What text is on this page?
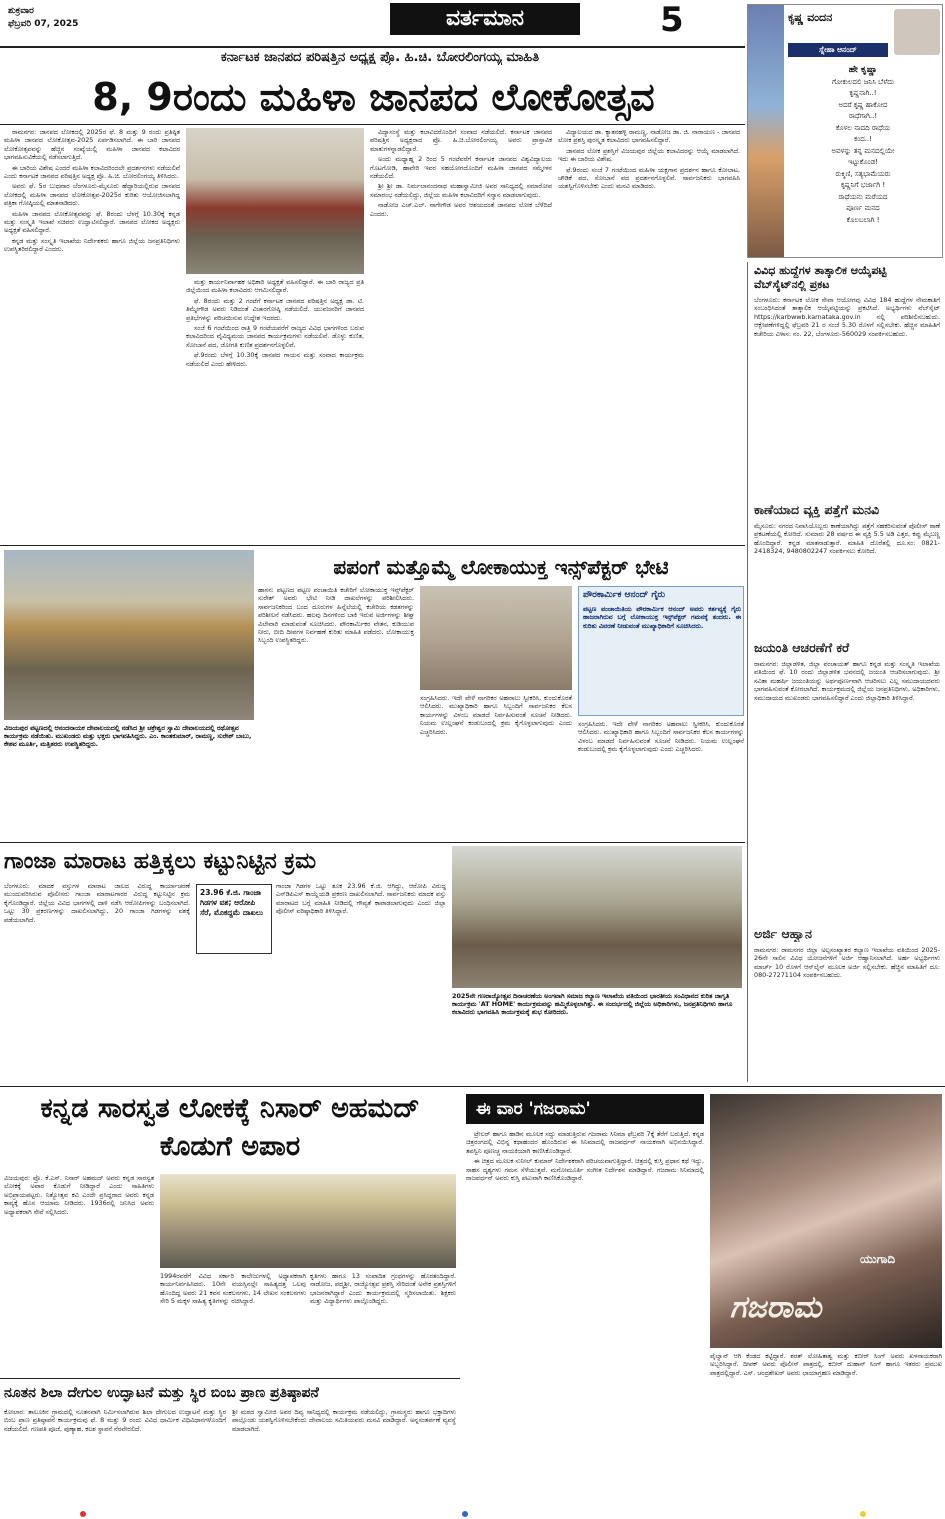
ಶುಕ್ರವಾರ
ಫೆಬ್ರವರಿ 07, 2025	ವರ್ತಮಾನ	5	ಕೃಷ್ಣ ವಂದನ
ಸ್ನೇಹಾ ಆನಂದ್
ಹೇ ಕೃಷ್ಣಾ
ಗೋಕುಲದಲಿ ಜನಿಸಿ ಬೆಳೆದು
ಕೃಷ್ಣನಾಗಿ..!
ಅದರೆ ಕೃಷ್ಣ ಹಾಕೋದ
ರಾಧೆಗಾಗಿ..!
ಕೊಳಲ ನಾದದಿ ರಾಧೆಯ
ಕಂದ..!
ಅವಳನ್ನು ತನ್ನ ಮನದಲ್ಲಿಯೇ
ಇಟ್ಟುಕೊಂಡ!
ರುಕ್ಮಿಣಿ, ಸತ್ಯಭಾಮೆಯರು
ಕೃಷ್ಣನಿಗೆ ಭರ್ಜಾಗಿ !
ರಾಧೆಯನು ಮರೆಯದ
ಪೂರ್ಣ ಮನದ
ಕೊಲಬಲಾಗಿ !
ಕರ್ನಾಟಕ ಜಾನಪದ ಪರಿಷತ್ತಿನ ಅಧ್ಯಕ್ಷ ಪ್ರೊ. ಹಿ.ಚಿ. ಬೋರಲಿಂಗಯ್ಯ ಮಾಹಿತಿ
8, 9ರಂದು ಮಹಿಳಾ ಜಾನಪದ ಲೋಕೋತ್ಸವ

ರಾಮನಗರ: ಜಾನಪದ ಲೋಕದಲ್ಲಿ 2025ರ ಫೆ. 8 ಮತ್ತು 9 ರಂದು ಪ್ರತಿಷ್ಠಿತ ಮಹಿಳಾ ಜಾನಪದ ಲೋಕೋತ್ಸವ-2025 ಏರ್ಪಡಿಸಲಾಗಿದೆ. ಈ ಬಾರಿ ಜಾನಪದ ಲೋಕೋತ್ಸವವನ್ನು ಹೆಚ್ಚಿನ ಸಂಖ್ಯೆಯಲ್ಲಿ ಮಹಿಳಾ ಜಾನಪದ ಕಲಾವಿದರ ಭಾಗವಹಿಸುವಿಕೆಯಲ್ಲಿ ನಡೆಸಲಾಗುತ್ತಿದೆ.

ಈ ಬಾರಿಯ ವಿಶೇಷ ಎಂದರೆ ಮಹಿಳಾ ಕಲಾವಿದರಿಂದಲೇ ಪ್ರದರ್ಶನಗಳು ನಡೆಯಲಿವೆ ಎಂದು ಕರ್ನಾಟಕ ಜಾನಪದ ಪರಿಷತ್ತಿನ ಅಧ್ಯಕ್ಷ ಪ್ರೊ. ಹಿ.ಚಿ. ಬೋರಲಿಂಗಯ್ಯ ತಿಳಿಸಿದರು.

ಅವರು ಫೆ. 5ರ ಬುಧವಾರ ಬೆಂಗಳೂರು-ಮೈಸೂರು ಹೆದ್ದಾರಿಯಲ್ಲಿರುವ ಜಾನಪದ ಲೋಕದಲ್ಲಿ ಮಹಿಳಾ ಜಾನಪದ ಲೋಕೋತ್ಸವ-2025ರ ಕುರಿತು ಆಯೋಜಿಸಲಾಗಿದ್ದ ಪತ್ರಿಕಾ ಗೋಷ್ಠಿಯಲ್ಲಿ ಮಾತನಾಡಿದರು.

ಮಹಿಳಾ ಜಾನಪದ ಲೋಕೋತ್ಸವವನ್ನು ಫೆ. 8ರಂದು ಬೆಳಗ್ಗೆ 10.30ಕ್ಕೆ ಕನ್ನಡ ಮತ್ತು ಸಂಸ್ಕೃತಿ ಇಲಾಖೆ ಸಚಿವರು ಉದ್ಘಾಟಿಸಲಿದ್ದಾರೆ. ಜಾನಪದ ಲೋಕದ ಅಧ್ಯಕ್ಷರು ಅಧ್ಯಕ್ಷತೆ ವಹಿಸಲಿದ್ದಾರೆ.

ಕನ್ನಡ ಮತ್ತು ಸಂಸ್ಕೃತಿ ಇಲಾಖೆಯ ನಿರ್ದೇಶಕರು ಹಾಗೂ ಜಿಲ್ಲೆಯ ಜನಪ್ರತಿನಿಧಿಗಳು ಉಪಸ್ಥಿತರಿರಲಿದ್ದಾರೆ ಎಂದರು.

ಮತ್ತು ಕಾರ್ಯನಿರ್ವಾಹಕ ಅಧಿಕಾರಿ ಅಧ್ಯಕ್ಷತೆ ವಹಿಸಲಿದ್ದಾರೆ. ಈ ಬಾರಿ ರಾಜ್ಯದ ಪ್ರತಿ ಜಿಲ್ಲೆಯಿಂದ ಮಹಿಳಾ ಕಲಾವಿದರು ಆಗಮಿಸಲಿದ್ದಾರೆ.

ಫೆ. 8ರಂದು ಮತ್ತು 2 ಗಂಟೆಗೆ ಕರ್ನಾಟಕ ಜಾನಪದ ಪರಿಷತ್ತಿನ ಅಧ್ಯಕ್ಷ ಡಾ. ಟಿ. ತಿಮ್ಮೇಗೌಡ ಅವರು ನಿಡಿದಂತೆ ವಿಚಾರಗೋಷ್ಠಿ ನಡೆಯಲಿದೆ. ಯುವಜನರಿಗೆ ಜಾನಪದ ಪ್ರತಿಭೆಗಳನ್ನು ಪರಿಚಯಿಸುವ ಉದ್ದೇಶ ಇದರದು.

ಸಂಜೆ 6 ಗಂಟೆಯಿಂದ ರಾತ್ರಿ 9 ಗಂಟೆಯವರೆಗೆ ರಾಜ್ಯದ ವಿವಿಧ ಭಾಗಗಳಿಂದ ಬರುವ ಕಲಾವಿದರಿಂದ ವೈವಿಧ್ಯಮಯ ಜಾನಪದ ಕಾರ್ಯಕ್ರಮಗಳು ನಡೆಯಲಿವೆ. ಡೊಳ್ಳು ಕುಣಿತ, ಸೋಬಾನೆ ಪದ, ಜೋಗತಿ ಕುಣಿತ ಪ್ರದರ್ಶನಗೊಳ್ಳಲಿವೆ.

ಫೆ.9ರಂದು ಬೆಳಗ್ಗೆ 10.30ಕ್ಕೆ ಜಾನಪದ ಗಾಯನ ಮತ್ತು ಸಂವಾದ ಕಾರ್ಯಕ್ರಮ ನಡೆಯಲಿದೆ ಎಂದು ಹೇಳಿದರು.

ವಿದ್ಯಾಸಂಸ್ಥೆ ಮತ್ತು ಕಲಾವಿದರೊಂದಿಗೆ ಸಂವಾದ ನಡೆಯಲಿದೆ. ಕರ್ನಾಟಕ ಜಾನಪದ ಪರಿಷತ್ತಿನ ಅಧ್ಯಕ್ಷರಾದ ಪ್ರೊ. ಹಿ.ಚಿ.ಬೋರಲಿಂಗಯ್ಯ ಅವರು ಪ್ರಾಸ್ತಾವಿಕ ಮಾತುಗಳನ್ನಾಡಲಿದ್ದಾರೆ.

ಅಂದು ಮಧ್ಯಾಹ್ನ 2 ರಿಂದ 5 ಗಂಟೆವರೆಗೆ ಕರ್ನಾಟಕ ಜಾನಪದ ವಿಶ್ವವಿದ್ಯಾಲಯ ಗೊಟಗೋಡಿ, ಹಾವೇರಿ ಇವರ ಸಹಯೋಗದೊಂದಿಗೆ ಮಹಿಳಾ ಜಾನಪದ ಸಮ್ಮೇಳನ ನಡೆಯಲಿದೆ.

ಶ್ರೀ ಶ್ರೀ ಡಾ. ನಿರ್ಮಲಾನಂದನಾಥ ಮಹಾಸ್ವಾಮೀಜಿ ಅವರ ಸಾನಿಧ್ಯದಲ್ಲಿ ಸಮಾರೋಪ ಸಮಾರಂಭ ನಡೆಯಲಿದ್ದು, ಜಿಲ್ಲೆಯ ಮಹಿಳಾ ಕಲಾವಿದರಿಗೆ ಸನ್ಮಾನ ಮಾಡಲಾಗುವುದು.

ನಾಡೋಜ ಎಚ್.ಎಲ್. ನಾಗೇಗೌಡ ಅವರ ಆಶಯದಂತೆ ಜಾನಪದ ಲೋಕ ಬೆಳೆದಿದೆ ಎಂದರು.

ವಿದ್ಯಾಲಯದ ಡಾ. ಕ್ಯಾತನಹಳ್ಳಿ ರಾಮಣ್ಣ, ನಾಡೋಜ ಡಾ. ಜಿ. ನಾರಾಯಣ - ಜಾನಪದ ಲೋಕ ಪ್ರಶಸ್ತಿ ಪುರಸ್ಕೃತ ಕಲಾವಿದರು ಭಾಗವಹಿಸಲಿದ್ದಾರೆ.

ಜಾನಪದ ಲೋಕ ಪ್ರಶಸ್ತಿಗೆ ವಿಜಯಪುರ ಜಿಲ್ಲೆಯ ಕಲಾವಿದರನ್ನು ಆಯ್ಕೆ ಮಾಡಲಾಗಿದೆ. ಇದು ಈ ಬಾರಿಯ ವಿಶೇಷ.

ಫೆ.9ರಂದು ಸಂಜೆ 7 ಗಂಟೆಯಿಂದ ಮಹಿಳಾ ಯಕ್ಷಗಾನ ಪ್ರದರ್ಶನ ಹಾಗೂ ಕೋಲಾಟ, ಚೌಡಿಕೆ ಪದ, ಸೋಬಾನೆ ಪದ ಪ್ರದರ್ಶನಗೊಳ್ಳಲಿವೆ. ಸಾರ್ವಜನಿಕರು ಭಾಗವಹಿಸಿ ಯಶಸ್ವಿಗೊಳಿಸಬೇಕು ಎಂದು ಮನವಿ ಮಾಡಿದರು.

ವಿವಿಧ ಹುದ್ದೆಗಳ ತಾತ್ಕಾಲಿಕ ಆಯ್ಕೆಪಟ್ಟಿ ವೆಬ್‌ಸೈಟ್‌ನಲ್ಲಿ ಪ್ರಕಟ
ಬೆಂಗಳೂರು: ಕರ್ನಾಟಕ ಲೋಕ ಸೇವಾ ಆಯೋಗವು ವಿವಿಧ 184 ಹುದ್ದೆಗಳ ನೇಮಕಾತಿಗೆ ಸಂಬಂಧಿಸಿದಂತೆ ತಾತ್ಕಾಲಿಕ ಆಯ್ಕೆಪಟ್ಟಿಯನ್ನು ಪ್ರಕಟಿಸಿದೆ. ಅಭ್ಯರ್ಥಿಗಳು ವೆಬ್‌ಸೈಟ್ https://karbwwb.karnataka.gov.in ನಲ್ಲಿ ಪರಿಶೀಲಿಸಬಹುದು. ಆಕ್ಷೇಪಣೆಗಳಿದ್ದಲ್ಲಿ ಫೆಬ್ರವರಿ 21 ರ ಸಂಜೆ 5.30 ರೊಳಗೆ ಸಲ್ಲಿಸಬೇಕು. ಹೆಚ್ಚಿನ ಮಾಹಿತಿಗೆ ಕಚೇರಿಯ ವಿಳಾಸ: ನಂ. 22, ಬೆಂಗಳೂರು-560029 ಸಂಪರ್ಕಿಸಬಹುದು.
ಕಾಣೆಯಾದ ವ್ಯಕ್ತಿ ಪತ್ತೆಗೆ ಮನವಿ
ಮೈಸೂರು: ನಗರದ ನಿವಾಸಿಯೊಬ್ಬರು ಕಾಣೆಯಾಗಿದ್ದು ಪತ್ತೆಗೆ ಸಹಕರಿಸುವಂತೆ ಪೊಲೀಸ್ ಠಾಣೆ ಪ್ರಕಟಣೆಯಲ್ಲಿ ಕೋರಿದೆ. ಸುಮಾರು 28 ವರ್ಷದ ಈ ವ್ಯಕ್ತಿ 5.5 ಅಡಿ ಎತ್ತರ, ಕಪ್ಪು ಮೈಬಣ್ಣ ಹೊಂದಿದ್ದಾರೆ. ಕನ್ನಡ ಮಾತನಾಡುತ್ತಾರೆ. ಮಾಹಿತಿ ದೊರೆತಲ್ಲಿ ದೂ.ಸಂ: 0821-2418324, 9480802247 ಸಂಪರ್ಕಿಸಲು ಕೋರಿದೆ.
ಜಯಂತಿ ಆಚರಣೆಗೆ ಕರೆ
ರಾಮನಗರ: ಜಿಲ್ಲಾಡಳಿತ, ಜಿಲ್ಲಾ ಪಂಚಾಯತ್ ಹಾಗೂ ಕನ್ನಡ ಮತ್ತು ಸಂಸ್ಕೃತಿ ಇಲಾಖೆಯ ವತಿಯಿಂದ ಫೆ. 10 ರಂದು ಜಿಲ್ಲಾಡಳಿತ ಭವನದಲ್ಲಿ ಜಯಂತಿ ಆಚರಿಸಲಾಗುವುದು. ಶ್ರೀ ಸವಿತಾ ಮಹರ್ಷಿ ಜಯಂತಿಯನ್ನು ಅರ್ಥಪೂರ್ಣವಾಗಿ ಆಚರಿಸಲು ಎಲ್ಲ ಸಮುದಾಯದವರು ಭಾಗವಹಿಸುವಂತೆ ಕೋರಲಾಗಿದೆ. ಕಾರ್ಯಕ್ರಮದಲ್ಲಿ ಜಿಲ್ಲೆಯ ಜನಪ್ರತಿನಿಧಿಗಳು, ಅಧಿಕಾರಿಗಳು, ಸಮುದಾಯದ ಮುಖಂಡರು ಭಾಗವಹಿಸಲಿದ್ದಾರೆ ಎಂದು ಜಿಲ್ಲಾಧಿಕಾರಿ ತಿಳಿಸಿದ್ದಾರೆ.
ಅರ್ಜಿ ಆಹ್ವಾನ
ರಾಮನಗರ: ರಾಮನಗರ ಜಿಲ್ಲಾ ಅಲ್ಪಸಂಖ್ಯಾತರ ಕಲ್ಯಾಣ ಇಲಾಖೆಯ ವತಿಯಿಂದ 2025-26ನೇ ಸಾಲಿನ ವಿವಿಧ ಯೋಜನೆಗಳಿಗೆ ಅರ್ಜಿ ಆಹ್ವಾನಿಸಲಾಗಿದೆ. ಅರ್ಹ ಅಭ್ಯರ್ಥಿಗಳು ಮಾರ್ಚ್ 10 ರೊಳಗೆ ಆನ್‌ಲೈನ್ ಮೂಲಕ ಅರ್ಜಿ ಸಲ್ಲಿಸಬೇಕು. ಹೆಚ್ಚಿನ ಮಾಹಿತಿಗೆ ದೂ: 080-27271104 ಸಂಪರ್ಕಿಸಬಹುದು.
ವಿಜಯಪುರ ಪಟ್ಟಣದಲ್ಲಿ ಆನಂದನಾಯಕ ದೇವಾಲಯದಲ್ಲಿ ನಡೆಸಿದ ಶ್ರೀ ಚಕ್ರೇಶ್ವರ ಸ್ವಾಮಿ ದೇವಾಲಯದಲ್ಲಿ ರಥೋತ್ಸವ ಕಾರ್ಯಕ್ರಮ ನಡೆಯಿತು. ಮುಖಂಡರು ಮತ್ತು ಭಕ್ತರು ಭಾಗವಹಿಸಿದ್ದರು. ಎಂ. ಕಾಂತಕುಮಾರ್, ರಾಮಣ್ಣ, ಸುರೇಶ್ ಬಾಬು, ಕೇಶವ ಮೂರ್ತಿ, ಮತ್ತಿತರರು ಉಪಸ್ಥಿತರಿದ್ದರು.
ಪಪಂಗೆ ಮತ್ತೊಮ್ಮೆ ಲೋಕಾಯುಕ್ತ ಇನ್ಸ್‌ಪೆಕ್ಟರ್ ಭೇಟಿ
ಹಾಸನ: ಪಟ್ಟಣದ ಪಟ್ಟಣ ಪಂಚಾಯಿತಿ ಕಚೇರಿಗೆ ಲೋಕಾಯುಕ್ತ ಇನ್ಸ್‌ಪೆಕ್ಟರ್ ಸುರೇಶ್ ಅವರು ಭೇಟಿ ನೀಡಿ ದಾಖಲೆಗಳನ್ನು ಪರಿಶೀಲಿಸಿದರು. ಸಾರ್ವಜನಿಕರಿಂದ ಬಂದ ದೂರುಗಳ ಹಿನ್ನೆಲೆಯಲ್ಲಿ ಕಚೇರಿಯ ಕಡತಗಳನ್ನು ಪರಿಶೀಲನೆ ನಡೆಸಿದರು. ಹಲವು ದಿನಗಳಿಂದ ಬಾಕಿ ಇರುವ ಅರ್ಜಿಗಳನ್ನು ಶೀಘ್ರ ವಿಲೇವಾರಿ ಮಾಡುವಂತೆ ಸೂಚಿಸಿದರು. ಪೌರಕಾರ್ಮಿಕರ ವೇತನ, ಕುಡಿಯುವ ನೀರು, ಬೀದಿ ದೀಪಗಳ ನಿರ್ವಹಣೆ ಕುರಿತು ಮಾಹಿತಿ ಪಡೆದರು. ಲೋಕಾಯುಕ್ತ ಸಿಬ್ಬಂದಿ ಉಪಸ್ಥಿತರಿದ್ದರು.
ಪೌರಕಾರ್ಮಿಕ ಆನಂದ್ ಗೈರು
ಪಟ್ಟಣ ಪಂಚಾಯಿತಿಯ ಪೌರಕಾರ್ಮಿಕ ಆನಂದ್ ಅವರು ಕರ್ತವ್ಯಕ್ಕೆ ಗೈರು ಹಾಜರಾಗಿರುವ ಬಗ್ಗೆ ಲೋಕಾಯುಕ್ತ ಇನ್ಸ್‌ಪೆಕ್ಟರ್ ಗಮನಕ್ಕೆ ತಂದರು. ಈ ಕುರಿತು ವಿವರಣೆ ನೀಡುವಂತೆ ಮುಖ್ಯಾಧಿಕಾರಿಗೆ ಸೂಚಿಸಿದರು.
ಸಂಗ್ರಹಿಸಿದರು. ಇದೇ ವೇಳೆ ನಾಗರಿಕರ ಅಹವಾಲು ಸ್ವೀಕರಿಸಿ, ಕುಂದುಕೊರತೆ ಆಲಿಸಿದರು. ಮುಖ್ಯಾಧಿಕಾರಿ ಹಾಗೂ ಸಿಬ್ಬಂದಿಗೆ ಸಾರ್ವಜನಿಕರ ಕೆಲಸ ಕಾರ್ಯಗಳನ್ನು ವಿಳಂಬ ಮಾಡದೆ ನಿರ್ವಹಿಸುವಂತೆ ಸೂಚನೆ ನೀಡಿದರು. ನಿಯಮ ಉಲ್ಲಂಘನೆ ಕಂಡುಬಂದಲ್ಲಿ ಕ್ರಮ ಕೈಗೊಳ್ಳಲಾಗುವುದು ಎಂದು ಎಚ್ಚರಿಸಿದರು.
ಸಂಗ್ರಹಿಸಿದರು. ಇದೇ ವೇಳೆ ನಾಗರಿಕರ ಅಹವಾಲು ಸ್ವೀಕರಿಸಿ, ಕುಂದುಕೊರತೆ ಆಲಿಸಿದರು. ಮುಖ್ಯಾಧಿಕಾರಿ ಹಾಗೂ ಸಿಬ್ಬಂದಿಗೆ ಸಾರ್ವಜನಿಕರ ಕೆಲಸ ಕಾರ್ಯಗಳನ್ನು ವಿಳಂಬ ಮಾಡದೆ ನಿರ್ವಹಿಸುವಂತೆ ಸೂಚನೆ ನೀಡಿದರು. ನಿಯಮ ಉಲ್ಲಂಘನೆ ಕಂಡುಬಂದಲ್ಲಿ ಕ್ರಮ ಕೈಗೊಳ್ಳಲಾಗುವುದು ಎಂದು ಎಚ್ಚರಿಸಿದರು.
ಗಾಂಜಾ ಮಾರಾಟ ಹತ್ತಿಕ್ಕಲು ಕಟ್ಟುನಿಟ್ಟಿನ ಕ್ರಮ
ಬೆಂಗಳೂರು: ಮಾದಕ ವಸ್ತುಗಳ ಮಾರಾಟ ಜಾಲದ ವಿರುದ್ಧ ಕಾರ್ಯಾಚರಣೆ ಮುಂದುವರಿಸಿರುವ ಪೊಲೀಸರು ಗಾಂಜಾ ಮಾರಾಟಗಾರರ ವಿರುದ್ಧ ಕಟ್ಟುನಿಟ್ಟಿನ ಕ್ರಮ ಕೈಗೊಂಡಿದ್ದಾರೆ. ಜಿಲ್ಲೆಯ ವಿವಿಧ ಭಾಗಗಳಲ್ಲಿ ದಾಳಿ ನಡೆಸಿ ಆರೋಪಿಗಳನ್ನು ಬಂಧಿಸಲಾಗಿದೆ. ಒಟ್ಟು 30 ಪ್ರಕರಣಗಳನ್ನು ದಾಖಲಿಸಲಾಗಿದ್ದು, 20 ಗಾಂಜಾ ಗಿಡಗಳನ್ನು ವಶಕ್ಕೆ ಪಡೆಯಲಾಗಿದೆ.
23.96 ಕೆ.ಜಿ. ಗಾಂಜಾ ಗಿಡಗಳ ವಶ; ಆರೋಪಿ ಸೆರೆ, ಮೊಕದ್ದಮೆ ದಾಖಲು
ಗಾಂಜಾ ಗಿಡಗಳ ಒಟ್ಟು ತೂಕ 23.96 ಕೆ.ಜಿ. ಆಗಿದ್ದು, ಆರೋಪಿ ವಿರುದ್ಧ ಎನ್‌ಡಿಪಿಎಸ್ ಕಾಯ್ದೆಯಡಿ ಪ್ರಕರಣ ದಾಖಲಿಸಲಾಗಿದೆ. ಸಾರ್ವಜನಿಕರು ಮಾದಕ ವಸ್ತು ಮಾರಾಟದ ಬಗ್ಗೆ ಮಾಹಿತಿ ನೀಡಿದಲ್ಲಿ ಗೌಪ್ಯತೆ ಕಾಪಾಡಲಾಗುವುದು ಎಂದು ಜಿಲ್ಲಾ ಪೊಲೀಸ್ ವರಿಷ್ಠಾಧಿಕಾರಿ ತಿಳಿಸಿದ್ದಾರೆ.
2025ನೇ ಗಣರಾಜ್ಯೋತ್ಸವ ದಿನಾಚರಣೆಯ ಅಂಗವಾಗಿ ಸಮಾಜ ಕಲ್ಯಾಣ ಇಲಾಖೆಯ ವತಿಯಿಂದ ಭಾರತೀಯ ಸಂವಿಧಾನದ ಕುರಿತ ಜಾಗೃತಿ ಕಾರ್ಯಕ್ರಮ 'AT HOME' ಕಾರ್ಯಕ್ರಮವನ್ನು ಹಮ್ಮಿಕೊಳ್ಳಲಾಗಿತ್ತು. ಈ ಸಂದರ್ಭದಲ್ಲಿ ಜಿಲ್ಲೆಯ ಅಧಿಕಾರಿಗಳು, ಜನಪ್ರತಿನಿಧಿಗಳು ಹಾಗೂ ಕಲಾವಿದರು ಭಾಗವಹಿಸಿ ಕಾರ್ಯಕ್ರಮಕ್ಕೆ ಶುಭ ಕೋರಿದರು.
ಕನ್ನಡ ಸಾರಸ್ವತ ಲೋಕಕ್ಕೆ ನಿಸಾರ್ ಅಹಮದ್ ಕೊಡುಗೆ ಅಪಾರ
ವಿಜಯಪುರ: ಪ್ರೊ. ಕೆ.ಎಸ್. ನಿಸಾರ್ ಅಹಮದ್ ಅವರು ಕನ್ನಡ ಸಾರಸ್ವತ ಲೋಕಕ್ಕೆ ಅಪಾರ ಕೊಡುಗೆ ನೀಡಿದ್ದಾರೆ ಎಂದು ಸಾಹಿತಿಗಳು ಅಭಿಪ್ರಾಯಪಟ್ಟರು. ನಿತ್ಯೋತ್ಸವ ಕವಿ ಎಂದೇ ಪ್ರಸಿದ್ಧರಾದ ಅವರು ಕನ್ನಡ ಕಾವ್ಯಕ್ಕೆ ಹೊಸ ಆಯಾಮ ನೀಡಿದರು. 1936ರಲ್ಲಿ ಜನಿಸಿದ ಅವರು ಅಧ್ಯಾಪಕರಾಗಿ ಸೇವೆ ಸಲ್ಲಿಸಿದರು.
1994ರವರೆಗೆ ವಿವಿಧ ಸರ್ಕಾರಿ ಕಾಲೇಜುಗಳಲ್ಲಿ ಅಧ್ಯಾಪಕರಾಗಿ ಕಾರ್ಯನಿರ್ವಹಿಸಿದರು. 10ನೇ ವಯಸ್ಸಿನಲ್ಲೇ ಸಾಹಿತ್ಯದತ್ತ ಒಲವು ಹೊಂದಿದ್ದ ಅವರು 21 ಕವನ ಸಂಕಲನಗಳು, 14 ಲೇಖನ ಸಂಕಲನಗಳು ಸೇರಿ 5 ಮಕ್ಕಳ ಸಾಹಿತ್ಯ ಕೃತಿಗಳನ್ನು ರಚಿಸಿದ್ದಾರೆ.
ಕೃತಿಗಳು ಹಾಗೂ 13 ಸಂಪಾದಿತ ಗ್ರಂಥಗಳನ್ನು ಹೊರತಂದಿದ್ದಾರೆ. ನಾಡೋಜ, ಪದ್ಮಶ್ರೀ, ರಾಜ್ಯೋತ್ಸವ ಪ್ರಶಸ್ತಿ ಸೇರಿದಂತೆ ಅನೇಕ ಪ್ರಶಸ್ತಿಗಳಿಗೆ ಭಾಜನರಾಗಿದ್ದಾರೆ ಎಂದು ಕಾರ್ಯಕ್ರಮದಲ್ಲಿ ಸ್ಮರಿಸಲಾಯಿತು. ಶಿಕ್ಷಕರು ಮತ್ತು ವಿದ್ಯಾರ್ಥಿಗಳು ಪಾಲ್ಗೊಂಡಿದ್ದರು.
ನೂತನ ಶಿಲಾ ದೇಗುಲ ಉದ್ಘಾಟನೆ ಮತ್ತು ಸ್ಥಿರ ಬಿಂಬ ಪ್ರಾಣ ಪ್ರತಿಷ್ಠಾಪನೆ
ಕೋಲಾರ: ತಾಲೂಕಿನ ಗ್ರಾಮದಲ್ಲಿ ನೂತನವಾಗಿ ನಿರ್ಮಿಸಲಾಗಿರುವ ಶಿಲಾ ದೇಗುಲದ ಉದ್ಘಾಟನೆ ಮತ್ತು ಸ್ಥಿರ ಬಿಂಬ ಪ್ರಾಣ ಪ್ರತಿಷ್ಠಾಪನೆ ಕಾರ್ಯಕ್ರಮವು ಫೆ. 8 ಮತ್ತು 9 ರಂದು ವಿವಿಧ ಧಾರ್ಮಿಕ ವಿಧಿವಿಧಾನಗಳೊಂದಿಗೆ ನಡೆಯಲಿದೆ. ಗಣಪತಿ ಪೂಜೆ, ಪುಣ್ಯಾಹ, ಕಲಶ ಸ್ಥಾಪನೆ ನೆರವೇರಲಿದೆ.
ಶ್ರೀ ಮಠದ ಸ್ವಾಮೀಜಿ ಅವರ ದಿವ್ಯ ಸಾನಿಧ್ಯದಲ್ಲಿ ಕಾರ್ಯಕ್ರಮ ನಡೆಯಲಿದ್ದು, ಗ್ರಾಮಸ್ಥರು ಹಾಗೂ ಭಕ್ತಾದಿಗಳು ಪಾಲ್ಗೊಂಡು ಯಶಸ್ವಿಗೊಳಿಸಬೇಕೆಂದು ದೇವಾಲಯ ಸಮಿತಿಯವರು ಮನವಿ ಮಾಡಿದ್ದಾರೆ. ಅನ್ನಸಂತರ್ಪಣೆ ವ್ಯವಸ್ಥೆ ಮಾಡಲಾಗಿದೆ.
ಈ ವಾರ 'ಗಜರಾಮ'

ಟ್ರೇಲರ್ ಹಾಗೂ ಹಾಡಿನ ಮೂಲಕ ಸದ್ದು ಮಾಡುತ್ತಿರುವ ಗಜರಾಮ ಸಿನಿಮಾ ಫೆಬ್ರವರಿ 7ಕ್ಕೆ ತೆರೆಗೆ ಬರುತ್ತಿದೆ. ಕನ್ನಡ ಚಿತ್ರರಂಗದಲ್ಲಿ ವಿಭಿನ್ನ ಕಥಾಹಂದರ ಹೊಂದಿರುವ ಈ ಸಿನಿಮಾದಲ್ಲಿ ರಾಜವರ್ಧನ್ ನಾಯಕನಾಗಿ ಅಭಿನಯಿಸಿದ್ದಾರೆ. ತಪಸ್ವಿನಿ ಪೂಣಚ್ಚ ನಾಯಕಿಯಾಗಿ ಕಾಣಿಸಿಕೊಂಡಿದ್ದಾರೆ.

ಈ ಚಿತ್ರದ ಮೂಲಕ ಸುನೀಲ್ ಕುಮಾರ್ ನಿರ್ದೇಶಕರಾಗಿ ಪರಿಚಯವಾಗುತ್ತಿದ್ದಾರೆ. ಚಿತ್ರದಲ್ಲಿ ಕುಸ್ತಿ ಪ್ರಧಾನ ಕಥೆ ಇದ್ದು, ಸಾಹಸ ದೃಶ್ಯಗಳು ಗಮನ ಸೆಳೆಯುತ್ತವೆ. ಮನೋಮೂರ್ತಿ ಸಂಗೀತ ನಿರ್ದೇಶನ ಮಾಡಿದ್ದಾರೆ. ಗಜರಾಮ ಸಿನಿಮಾದಲ್ಲಿ ರಾಜವರ್ಧನ್ ಅವರು ಕುಸ್ತಿ ಪಟುವಾಗಿ ಕಾಣಿಸಿಕೊಂಡಿದ್ದಾರೆ.

ಯುಗಾದಿ
ಗಜರಾಮ
ಪೈಲ್ವಾನ್ ಆಗಿ ಕೆಂಡದ ಕಟ್ಟಿದ್ದಾರೆ. ಶರತ್ ಲೋಹಿತಾಶ್ವ ಮತ್ತು ಕಬೀರ್ ಸಿಂಗ್ ಅವರು ಖಳನಾಯಕರಾಗಿ ಅಬ್ಬರಿಸಿದ್ದಾರೆ. ದೀಪಕ್ ಅವರು ಪೊಲೀಸ್ ಪಾತ್ರದಲ್ಲಿ, ಕಬೀರ್ ದುಹಾನ್ ಸಿಂಗ್ ಹಾಗೂ ಇತರರು ಪ್ರಮುಖ ಪಾತ್ರದಲ್ಲಿದ್ದಾರೆ. ಎಸ್. ಚಂದ್ರಶೇಖರ್ ಅವರು ಛಾಯಾಗ್ರಹಣ ಮಾಡಿದ್ದಾರೆ.
